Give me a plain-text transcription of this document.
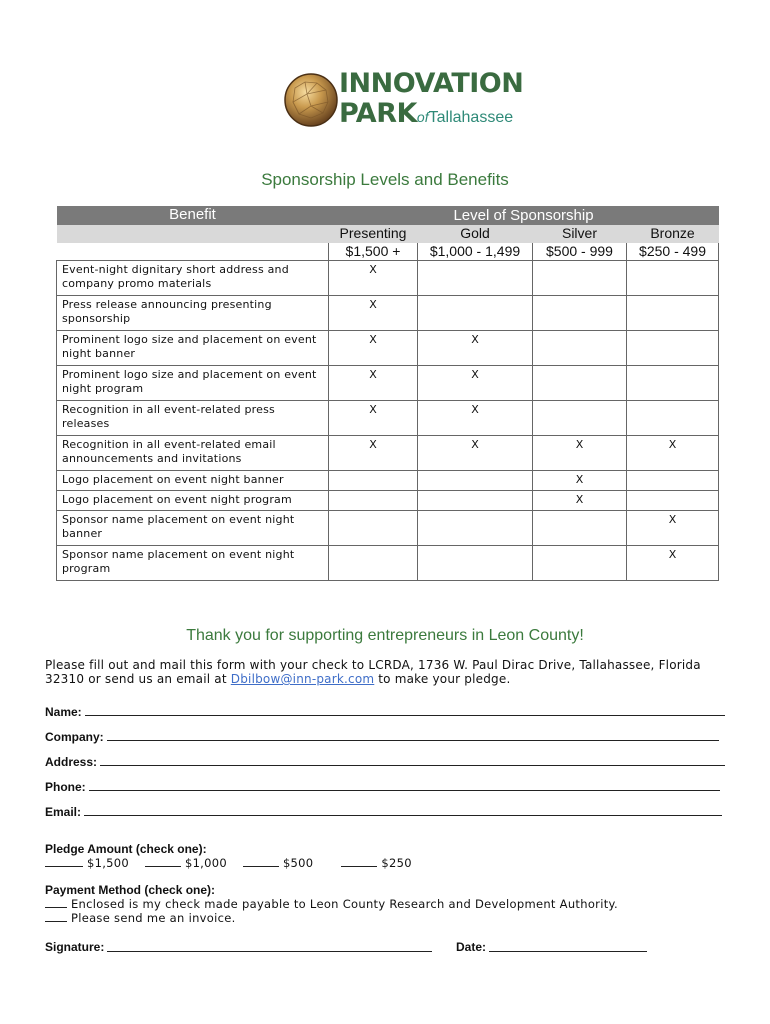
INNOVATION
PARKofTallahassee
Sponsorship Levels and Benefits
Benefit	Level of Sponsorship			
	Presenting	Gold	Silver	Bronze
	$1,500 +	$1,000 - 1,499	$500 - 999	$250 - 499
Event-night dignitary short address and company promo materials	X			
Press release announcing presenting sponsorship	X			
Prominent logo size and placement on event night banner	X	X		
Prominent logo size and placement on event night program	X	X		
Recognition in all event-related press releases	X	X		
Recognition in all event-related email announcements and invitations	X	X	X	X
Logo placement on event night banner			X	
Logo placement on event night program			X	
Sponsor name placement on event night banner				X
Sponsor name placement on event night program				X
Thank you for supporting entrepreneurs in Leon County!
Please fill out and mail this form with your check to LCRDA, 1736 W. Paul Dirac Drive, Tallahassee, Florida 32310 or send us an email at Dbilbow@inn-park.com to make your pledge.
Name:
Company:
Address:
Phone:
Email:
Pledge Amount (check one):
$1,500	$1,000	$500	$250
Payment Method (check one):
Enclosed is my check made payable to Leon County Research and Development Authority.
Please send me an invoice.
Signature:	Date:
